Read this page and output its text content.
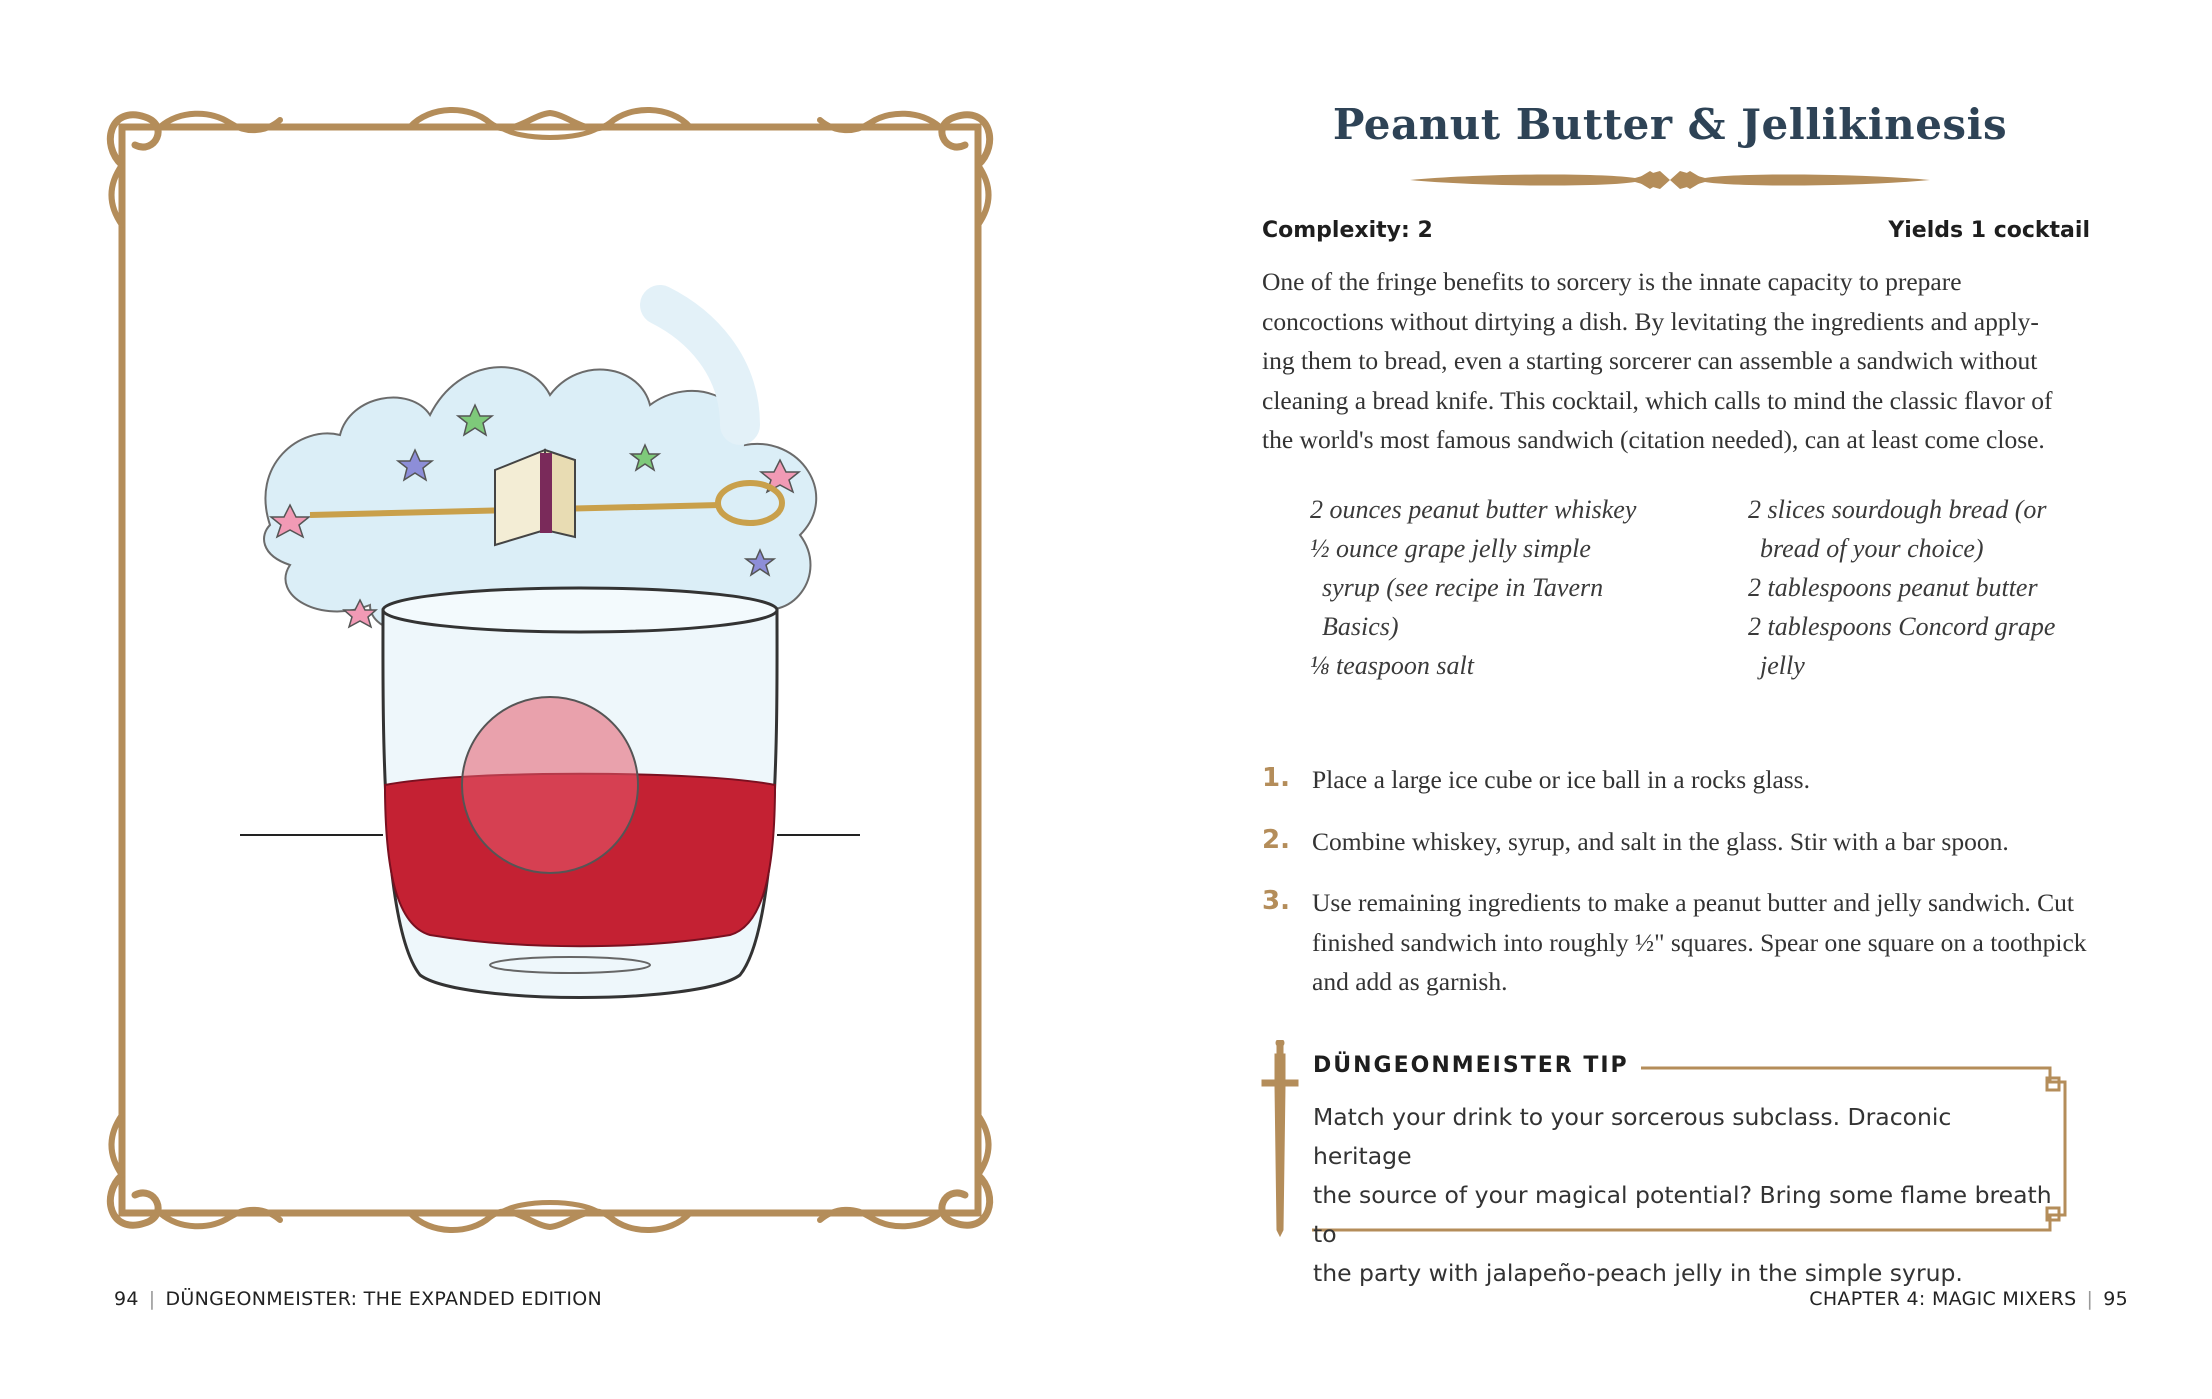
Peanut Butter & Jellikinesis
Complexity: 2	Yields 1 cocktail

One of the fringe benefits to sorcery is the innate capacity to prepare
concoctions without dirtying a dish. By levitating the ingredients and apply-
ing them to bread, even a starting sorcerer can assemble a sandwich without
cleaning a bread knife. This cocktail, which calls to mind the classic flavor of
the world's most famous sandwich (citation needed), can at least come close.

2 ounces peanut butter whiskey
½ ounce grape jelly simple syrup (see recipe in Tavern Basics)
⅛ teaspoon salt
2 slices sourdough bread (or bread of your choice)
2 tablespoons peanut butter
2 tablespoons Concord grape jelly
1. Place a large ice cube or ice ball in a rocks glass.
2. Combine whiskey, syrup, and salt in the glass. Stir with a bar spoon.
3. Use remaining ingredients to make a peanut butter and jelly sandwich. Cut finished sandwich into roughly ½" squares. Spear one square on a toothpick and add as garnish.
DÜNGEONMEISTER TIP

Match your drink to your sorcerous subclass. Draconic heritage
the source of your magical potential? Bring some flame breath to
the party with jalapeño-peach jelly in the simple syrup.

94 | DÜNGEONMEISTER: THE EXPANDED EDITION	CHAPTER 4: MAGIC MIXERS | 95
